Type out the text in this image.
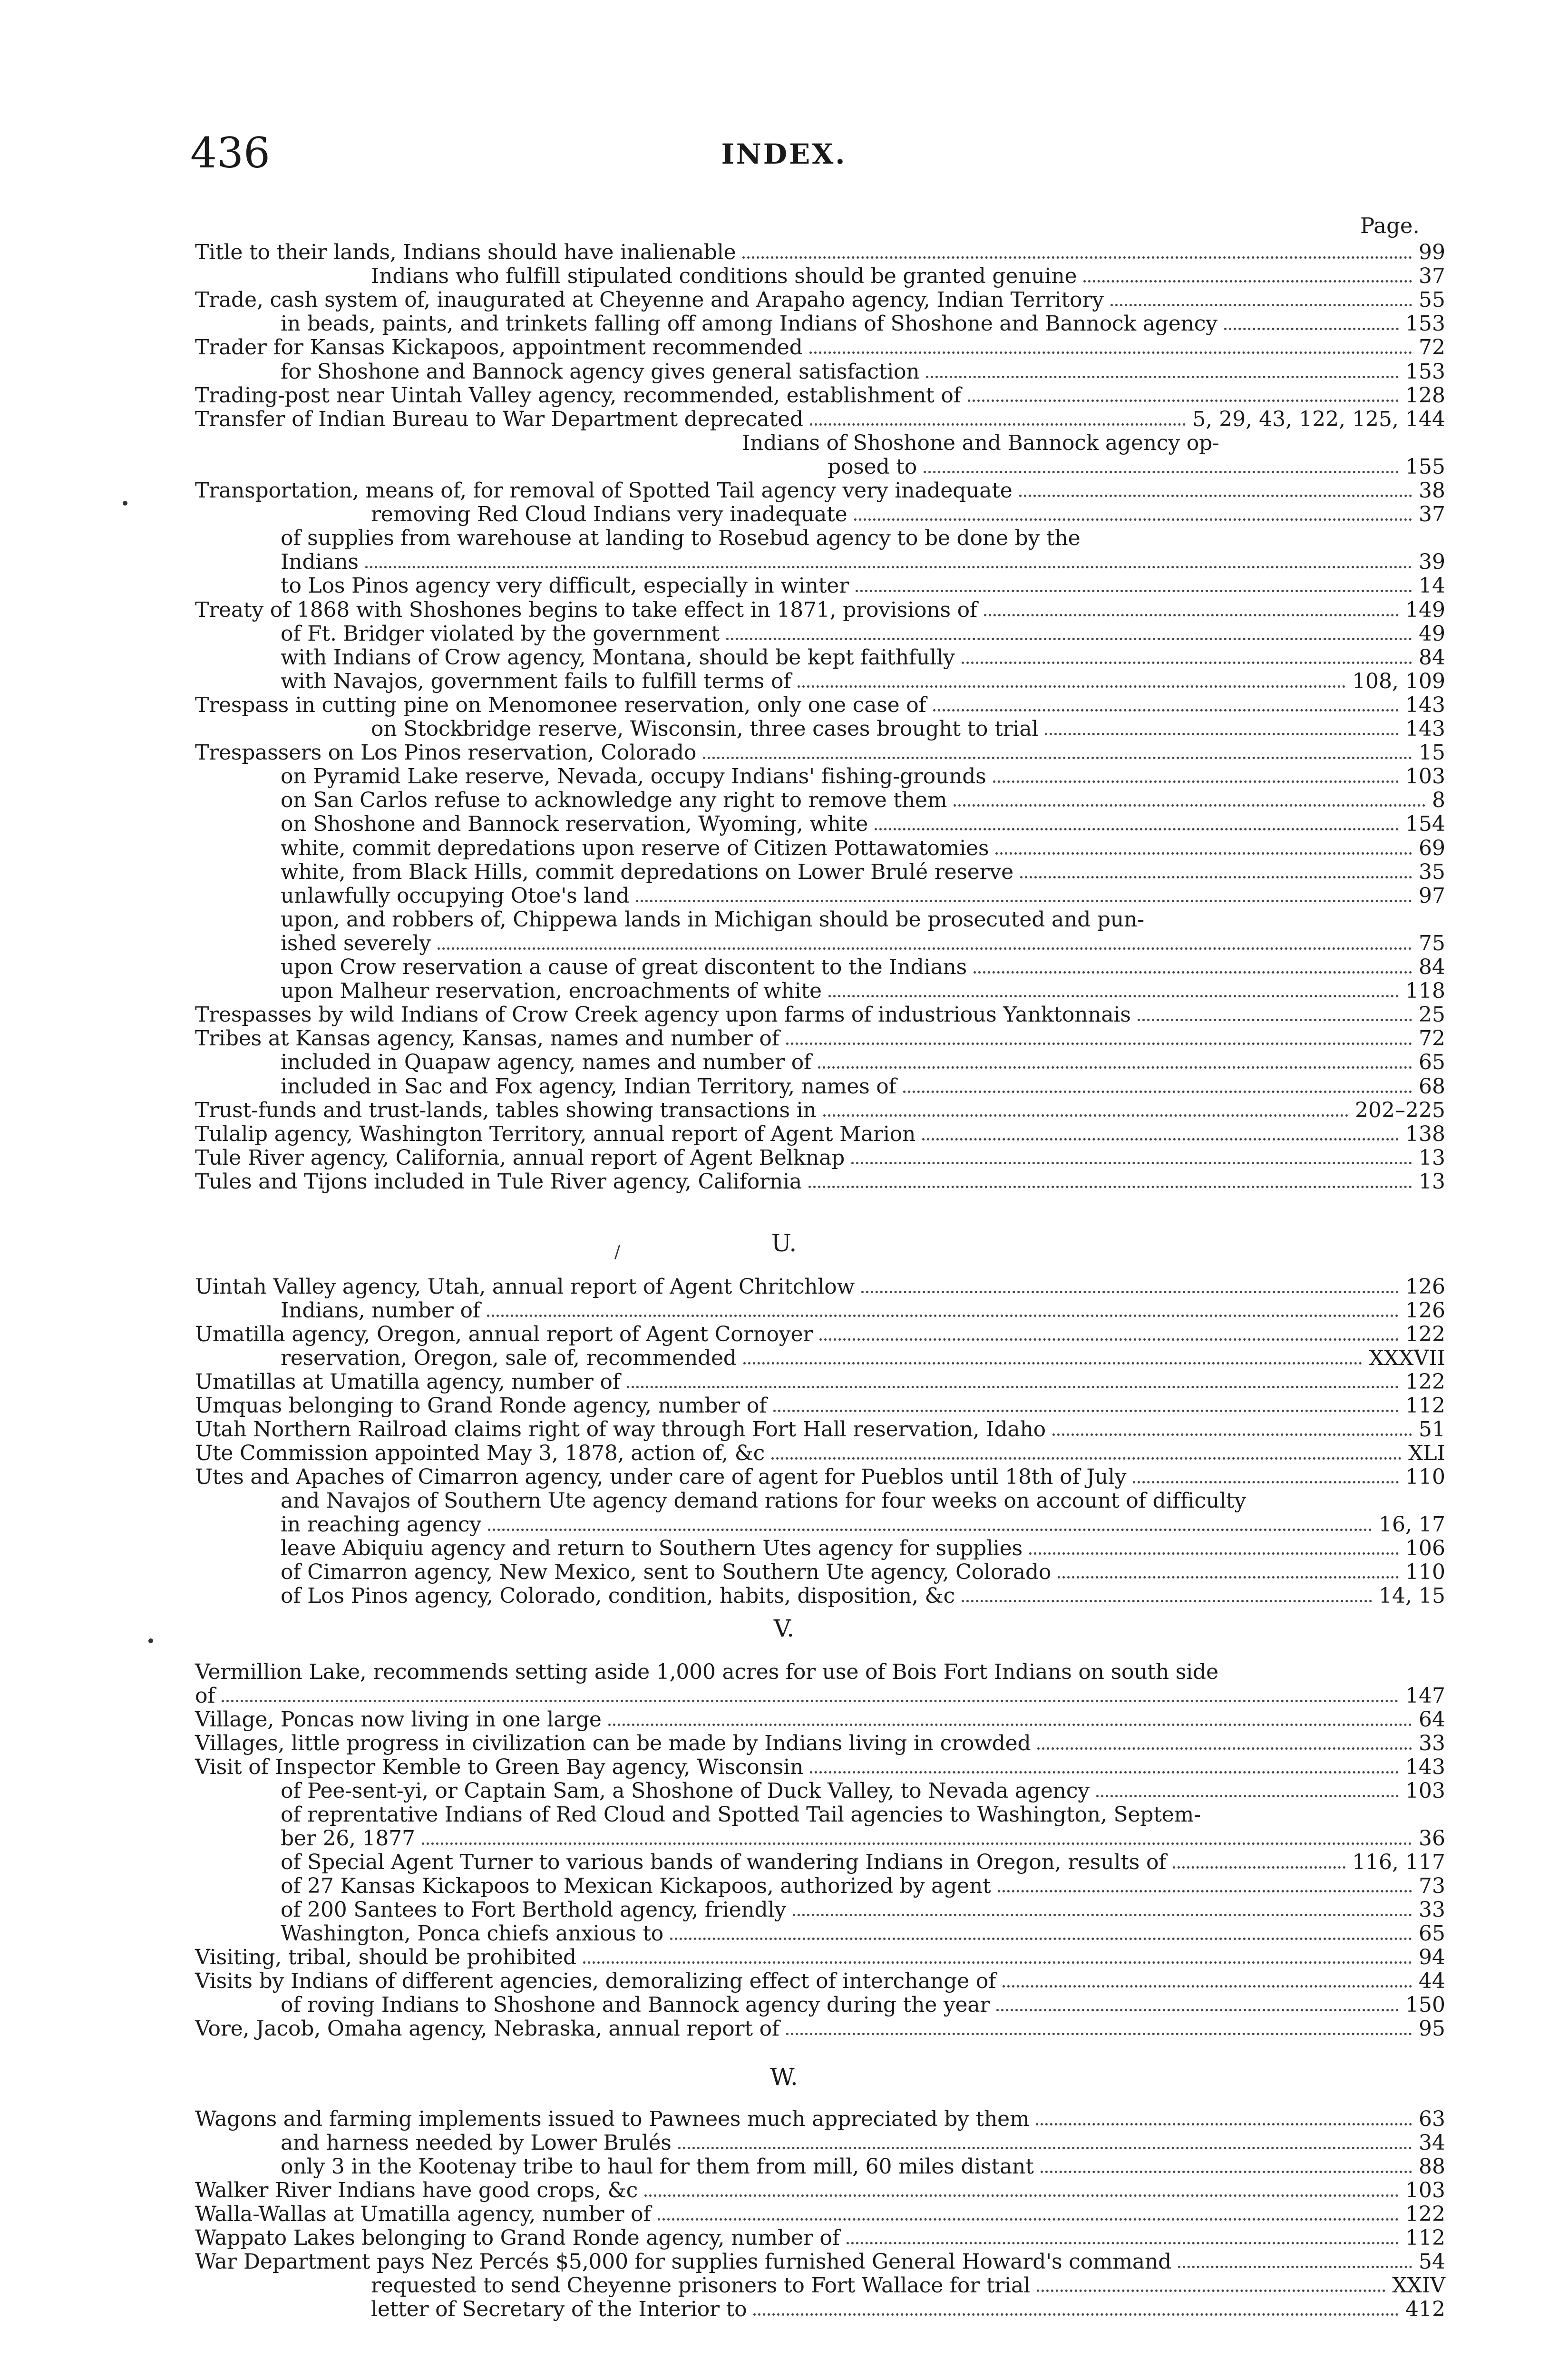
436	INDEX.
Page.
Title to their lands, Indians should have inalienable	99
Indians who fulfill stipulated conditions should be granted genuine	37
Trade, cash system of, inaugurated at Cheyenne and Arapaho agency, Indian Territory	55
in beads, paints, and trinkets falling off among Indians of Shoshone and Bannock agency	153
Trader for Kansas Kickapoos, appointment recommended	72
for Shoshone and Bannock agency gives general satisfaction	153
Trading-post near Uintah Valley agency, recommended, establishment of	128
Transfer of Indian Bureau to War Department deprecated	5, 29, 43, 122, 125, 144
Indians of Shoshone and Bannock agency op-
posed to	155
Transportation, means of, for removal of Spotted Tail agency very inadequate	38
removing Red Cloud Indians very inadequate	37
of supplies from warehouse at landing to Rosebud agency to be done by the
Indians	39
to Los Pinos agency very difficult, especially in winter	14
Treaty of 1868 with Shoshones begins to take effect in 1871, provisions of	149
of Ft. Bridger violated by the government	49
with Indians of Crow agency, Montana, should be kept faithfully	84
with Navajos, government fails to fulfill terms of	108, 109
Trespass in cutting pine on Menomonee reservation, only one case of	143
on Stockbridge reserve, Wisconsin, three cases brought to trial	143
Trespassers on Los Pinos reservation, Colorado	15
on Pyramid Lake reserve, Nevada, occupy Indians' fishing-grounds	103
on San Carlos refuse to acknowledge any right to remove them	8
on Shoshone and Bannock reservation, Wyoming, white	154
white, commit depredations upon reserve of Citizen Pottawatomies	69
white, from Black Hills, commit depredations on Lower Brulé reserve	35
unlawfully occupying Otoe's land	97
upon, and robbers of, Chippewa lands in Michigan should be prosecuted and pun-
ished severely	75
upon Crow reservation a cause of great discontent to the Indians	84
upon Malheur reservation, encroachments of white	118
Trespasses by wild Indians of Crow Creek agency upon farms of industrious Yanktonnais	25
Tribes at Kansas agency, Kansas, names and number of	72
included in Quapaw agency, names and number of	65
included in Sac and Fox agency, Indian Territory, names of	68
Trust-funds and trust-lands, tables showing transactions in	202–225
Tulalip agency, Washington Territory, annual report of Agent Marion	138
Tule River agency, California, annual report of Agent Belknap	13
Tules and Tijons included in Tule River agency, California	13
U.
Uintah Valley agency, Utah, annual report of Agent Chritchlow	126
Indians, number of	126
Umatilla agency, Oregon, annual report of Agent Cornoyer	122
reservation, Oregon, sale of, recommended	XXXVII
Umatillas at Umatilla agency, number of	122
Umquas belonging to Grand Ronde agency, number of	112
Utah Northern Railroad claims right of way through Fort Hall reservation, Idaho	51
Ute Commission appointed May 3, 1878, action of, &c	XLI
Utes and Apaches of Cimarron agency, under care of agent for Pueblos until 18th of July	110
and Navajos of Southern Ute agency demand rations for four weeks on account of difficulty
in reaching agency	16, 17
leave Abiquiu agency and return to Southern Utes agency for supplies	106
of Cimarron agency, New Mexico, sent to Southern Ute agency, Colorado	110
of Los Pinos agency, Colorado, condition, habits, disposition, &c	14, 15
V.
Vermillion Lake, recommends setting aside 1,000 acres for use of Bois Fort Indians on south side
of	147
Village, Poncas now living in one large	64
Villages, little progress in civilization can be made by Indians living in crowded	33
Visit of Inspector Kemble to Green Bay agency, Wisconsin	143
of Pee-sent-yi, or Captain Sam, a Shoshone of Duck Valley, to Nevada agency	103
of reprentative Indians of Red Cloud and Spotted Tail agencies to Washington, Septem-
ber 26, 1877	36
of Special Agent Turner to various bands of wandering Indians in Oregon, results of	116, 117
of 27 Kansas Kickapoos to Mexican Kickapoos, authorized by agent	73
of 200 Santees to Fort Berthold agency, friendly	33
Washington, Ponca chiefs anxious to	65
Visiting, tribal, should be prohibited	94
Visits by Indians of different agencies, demoralizing effect of interchange of	44
of roving Indians to Shoshone and Bannock agency during the year	150
Vore, Jacob, Omaha agency, Nebraska, annual report of	95
W.
Wagons and farming implements issued to Pawnees much appreciated by them	63
and harness needed by Lower Brulés	34
only 3 in the Kootenay tribe to haul for them from mill, 60 miles distant	88
Walker River Indians have good crops, &c	103
Walla-Wallas at Umatilla agency, number of	122
Wappato Lakes belonging to Grand Ronde agency, number of	112
War Department pays Nez Percés $5,000 for supplies furnished General Howard's command	54
requested to send Cheyenne prisoners to Fort Wallace for trial	XXIV
letter of Secretary of the Interior to	412
/
